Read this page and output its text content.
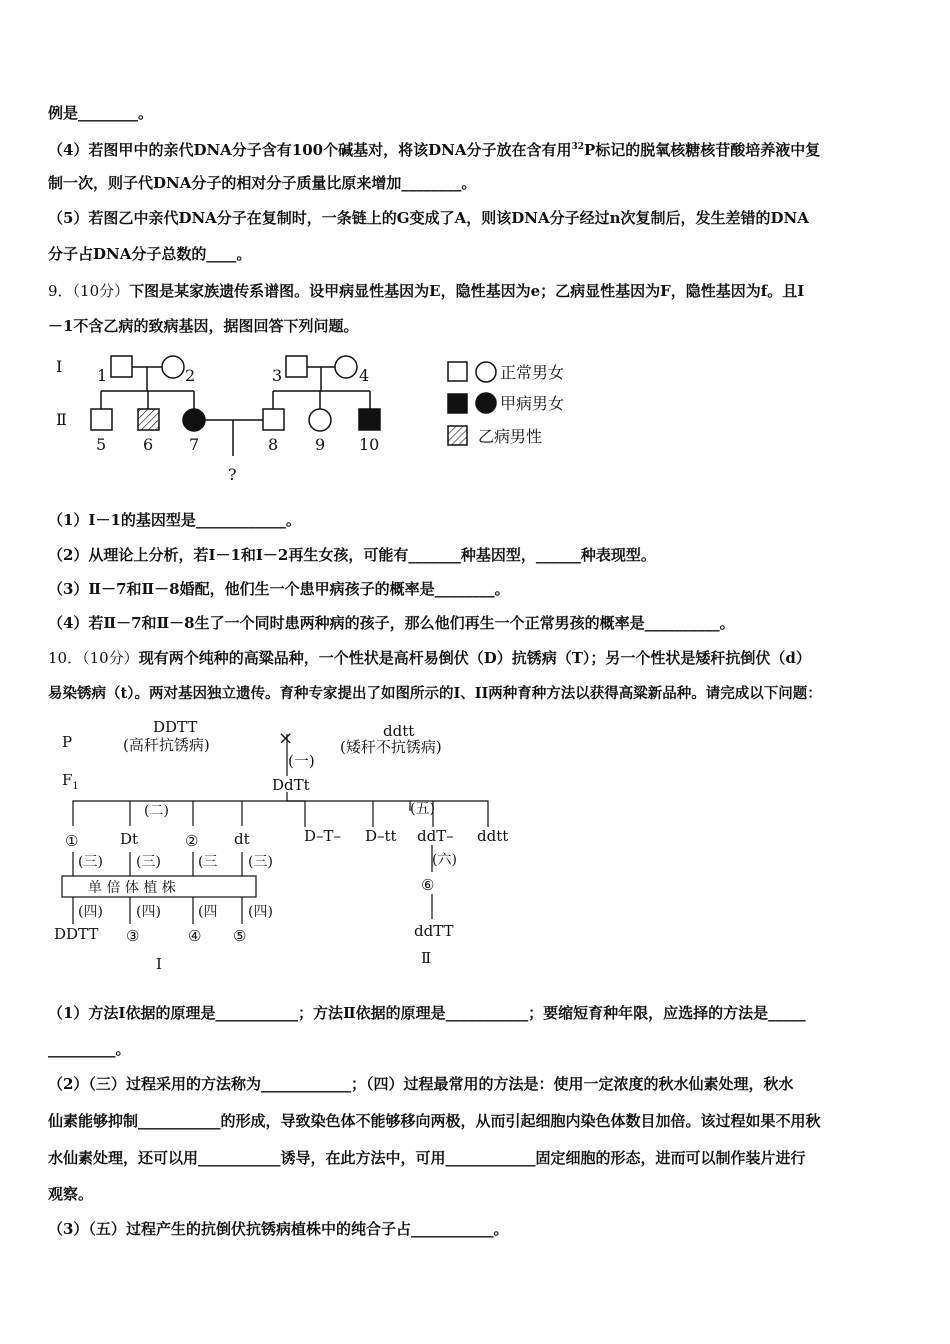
例是________。
（4）若图甲中的亲代DNA分子含有100个碱基对，将该DNA分子放在含有用$^{32}$P标记的脱氧核糖核苷酸培养液中复
制一次，则子代DNA分子的相对分子质量比原来增加________。
（5）若图乙中亲代DNA分子在复制时，一条链上的G变成了A，则该DNA分子经过n次复制后，发生差错的DNA
分子占DNA分子总数的____。
9．（10分）下图是某家族遗传系谱图。设甲病显性基因为E，隐性基因为e；乙病显性基因为F，隐性基因为f。且Ⅰ
－1不含乙病的致病基因，据图回答下列问题。
Ⅰ
Ⅱ
1	2	3	4
5 6 7	8 9 10
?
正常男女
甲病男女
乙病男性
（1）Ⅰ－1的基因型是____________。
（2）从理论上分析，若Ⅰ－1和Ⅰ－2再生女孩，可能有_______种基因型，______种表现型。
（3）Ⅱ－7和Ⅱ－8婚配，他们生一个患甲病孩子的概率是________。
（4）若Ⅱ－7和Ⅱ－8生了一个同时患两种病的孩子，那么他们再生一个正常男孩的概率是__________。
10．（10分）现有两个纯种的高粱品种，一个性状是高杆易倒伏（D）抗锈病（T）；另一个性状是矮秆抗倒伏（d）
易染锈病（t）。两对基因独立遗传。育种专家提出了如图所示的I、II两种育种方法以获得高粱新品种。请完成以下问题：
P
$F_1$
DDTT
(高秆抗锈病)	×	ddtt
(矮秆不抗锈病)
(一)
DdTt
(二)	(五)
①	Dt	② dt
(三) (三)	(三 (三)
单 倍 体 植 株
(四) (四)	(四 (四)
DDTT ③	④ ⑤
I
D–T– D–tt ddT– ddtt
(六)
⑥
ddTT
Ⅱ
（1）方法Ⅰ依据的原理是___________；方法Ⅱ依据的原理是___________；要缩短育种年限，应选择的方法是_____
_________。
（2）（三）过程采用的方法称为____________；（四）过程最常用的方法是：使用一定浓度的秋水仙素处理，秋水
仙素能够抑制___________的形成，导致染色体不能够移向两极，从而引起细胞内染色体数目加倍。该过程如果不用秋
水仙素处理，还可以用___________诱导，在此方法中，可用____________固定细胞的形态，进而可以制作装片进行
观察。
（3）（五）过程产生的抗倒伏抗锈病植株中的纯合子占___________。
